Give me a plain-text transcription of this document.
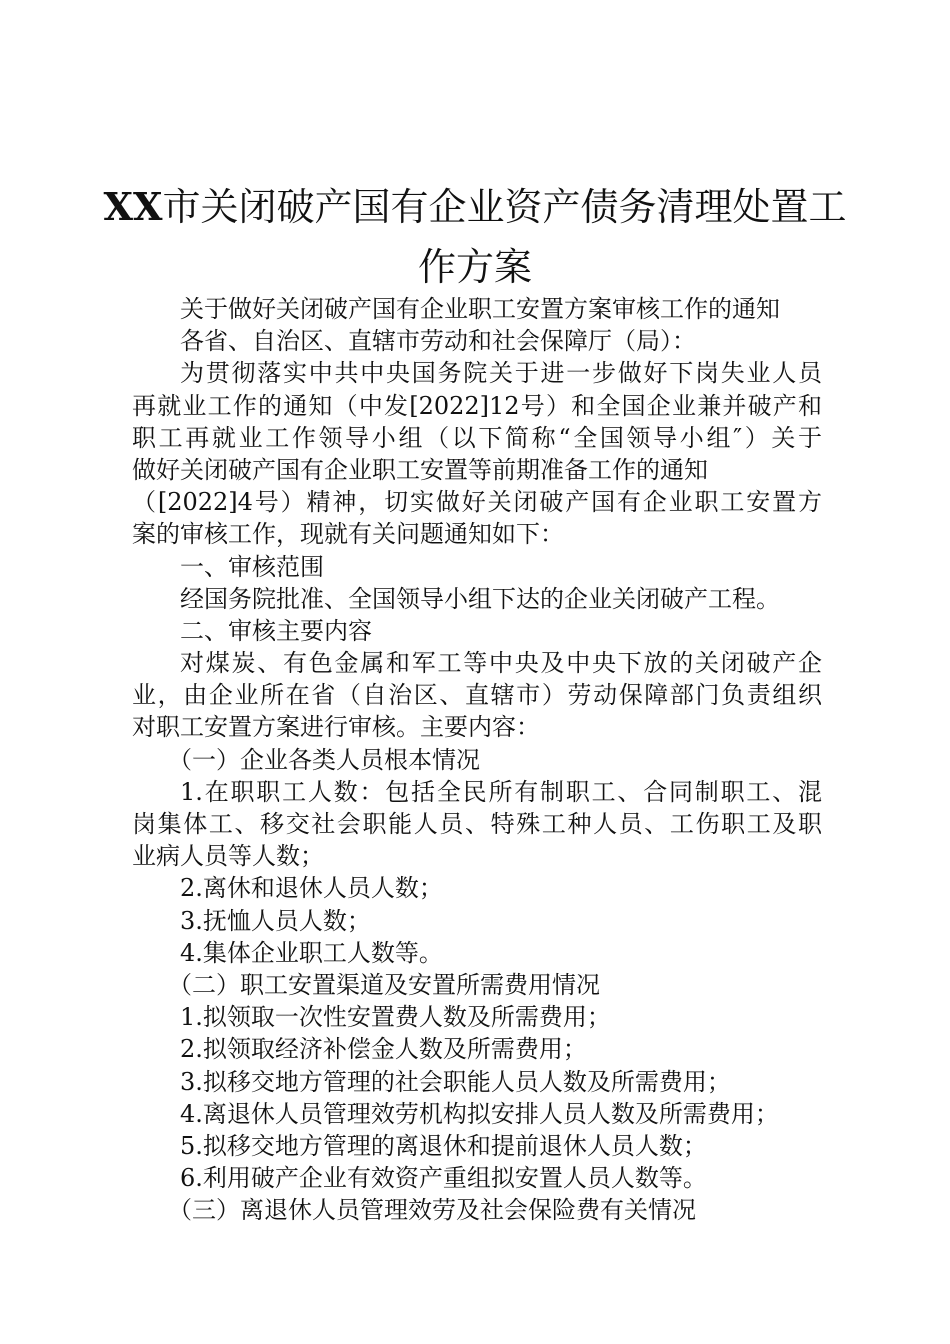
XX市关闭破产国有企业资产债务清理处置工
作方案
关于做好关闭破产国有企业职工安置方案审核工作的通知
各省、自治区、直辖市劳动和社会保障厅（局）：
为贯彻落实中共中央国务院关于进一步做好下岗失业人员
再就业工作的通知（中发[2022]12号）和全国企业兼并破产和
职工再就业工作领导小组（以下简称“全国领导小组″）关于
做好关闭破产国有企业职工安置等前期准备工作的通知
（[2022]4号）精神，切实做好关闭破产国有企业职工安置方
案的审核工作，现就有关问题通知如下：
一、审核范围
经国务院批准、全国领导小组下达的企业关闭破产工程。
二、审核主要内容
对煤炭、有色金属和军工等中央及中央下放的关闭破产企
业，由企业所在省（自治区、直辖市）劳动保障部门负责组织
对职工安置方案进行审核。主要内容：
（一）企业各类人员根本情况
1.在职职工人数：包括全民所有制职工、合同制职工、混
岗集体工、移交社会职能人员、特殊工种人员、工伤职工及职
业病人员等人数；
2.离休和退休人员人数；
3.抚恤人员人数；
4.集体企业职工人数等。
（二）职工安置渠道及安置所需费用情况
1.拟领取一次性安置费人数及所需费用；
2.拟领取经济补偿金人数及所需费用；
3.拟移交地方管理的社会职能人员人数及所需费用；
4.离退休人员管理效劳机构拟安排人员人数及所需费用；
5.拟移交地方管理的离退休和提前退休人员人数；
6.利用破产企业有效资产重组拟安置人员人数等。
（三）离退休人员管理效劳及社会保险费有关情况
